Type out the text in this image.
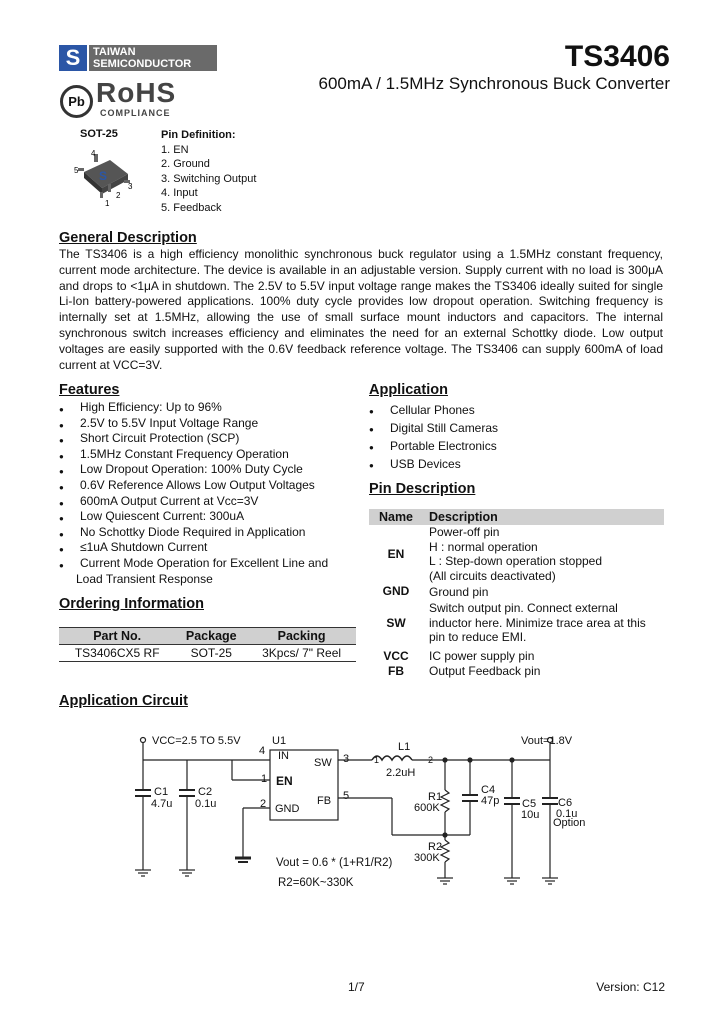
S	TAIWAN
SEMICONDUCTOR
Pb RoHS
COMPLIANCE
TS3406
600mA / 1.5MHz Synchronous Buck Converter
SOT-25
S
4
5
1
2
3
Pin Definition:
1. EN
2. Ground
3. Switching Output
4. Input
5. Feedback
General Description
The TS3406 is a high efficiency monolithic synchronous buck regulator using a 1.5MHz constant frequency, current mode architecture. The device is available in an adjustable version. Supply current with no load is 300μA and drops to <1μA in shutdown. The 2.5V to 5.5V input voltage range makes the TS3406 ideally suited for single Li-Ion battery-powered applications. 100% duty cycle provides low dropout operation. Switching frequency is internally set at 1.5MHz, allowing the use of small surface mount inductors and capacitors. The internal synchronous switch increases efficiency and eliminates the need for an external Schottky diode. Low output voltages are easily supported with the 0.6V feedback reference voltage. The TS3406 can supply 600mA of load current at VCC=3V.
Features
● High Efficiency: Up to 96%
● 2.5V to 5.5V Input Voltage Range
● Short Circuit Protection (SCP)
● 1.5MHz Constant Frequency Operation
● Low Dropout Operation: 100% Duty Cycle
● 0.6V Reference Allows Low Output Voltages
● 600mA Output Current at Vcc=3V
● Low Quiescent Current: 300uA
● No Schottky Diode Required in Application
● ≤1uA Shutdown Current
● Current Mode Operation for Excellent Line and
Load Transient Response
Ordering Information
Part No.	Package	Packing
TS3406CX5 RF	SOT-25	3Kpcs/ 7" Reel
Application
● Cellular Phones
● Digital Still Cameras
● Portable Electronics
● USB Devices
Pin Description
Name	Description
EN	Power-off pin
H : normal operation
L : Step-down operation stopped
(All circuits deactivated)

GND	Ground pin

SW	Switch output pin. Connect external
inductor here. Minimize trace area at this
pin to reduce EMI.

VCC	IC power supply pin

FB	Output Feedback pin
Application Circuit
VCC=2.5 TO 5.5V	U1
IN
EN
GND
SW
FB
4
1
2
3
5
C1
4.7u
C2
0.1u
L1
2.2uH
1	2
Vout=1.8V
R1
600K
C4
47p
R2
300K
C5
10u
C6
0.1u
Option
Vout = 0.6 * (1+R1/R2)
R2=60K~330K
1/7	Version: C12
